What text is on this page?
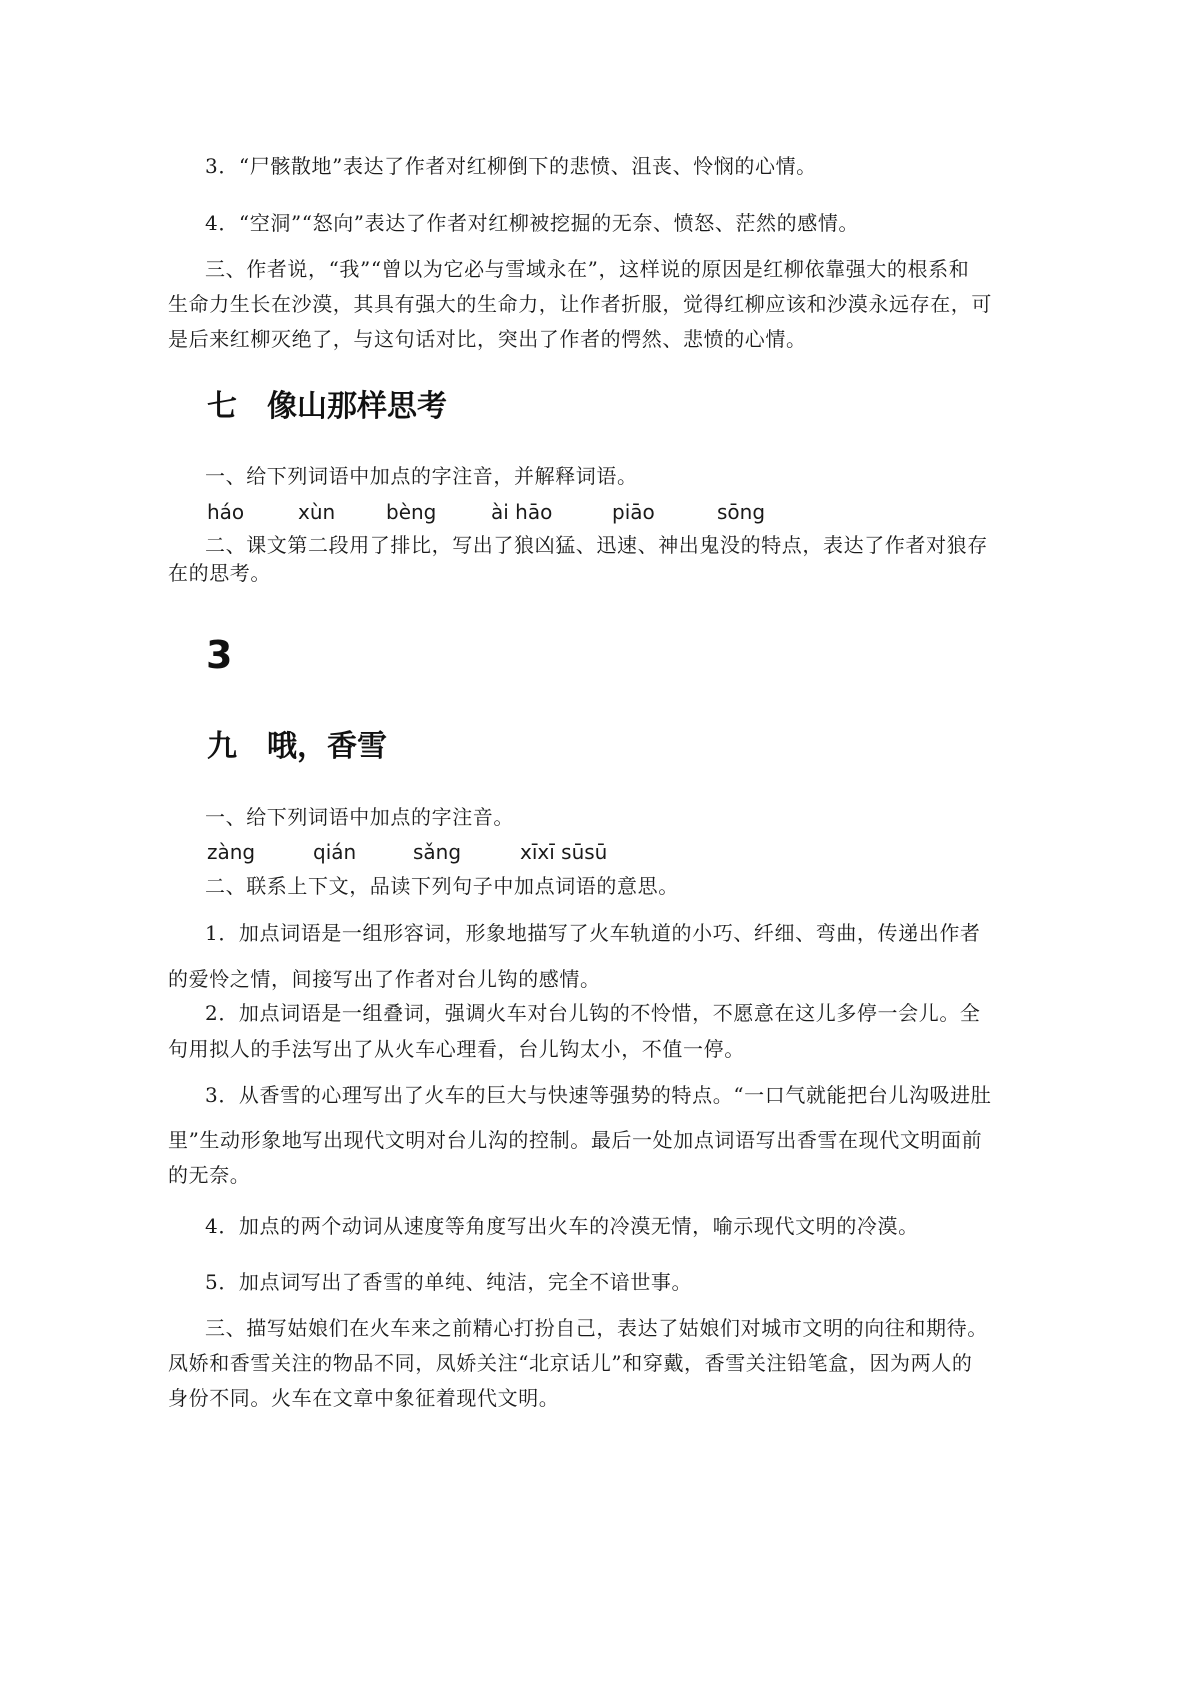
3．“尸骸散地”表达了作者对红柳倒下的悲愤、沮丧、怜悯的心情。
4．“空洞”“怒向”表达了作者对红柳被挖掘的无奈、愤怒、茫然的感情。
三、作者说，“我”“曾以为它必与雪域永在”，这样说的原因是红柳依靠强大的根系和
生命力生长在沙漠，其具有强大的生命力，让作者折服，觉得红柳应该和沙漠永远存在，可
是后来红柳灭绝了，与这句话对比，突出了作者的愕然、悲愤的心情。
七　像山那样思考
一、给下列词语中加点的字注音，并解释词语。
háo	xùn	bèng	ài hāo	piāo	sōng
二、课文第二段用了排比，写出了狼凶猛、迅速、神出鬼没的特点，表达了作者对狼存
在的思考。
3
九　哦，香雪
一、给下列词语中加点的字注音。
zàng	qián	sǎng	xīxī sūsū
二、联系上下文，品读下列句子中加点词语的意思。
1．加点词语是一组形容词，形象地描写了火车轨道的小巧、纤细、弯曲，传递出作者
的爱怜之情，间接写出了作者对台儿钩的感情。
2．加点词语是一组叠词，强调火车对台儿钩的不怜惜，不愿意在这儿多停一会儿。全
句用拟人的手法写出了从火车心理看，台儿钩太小，不值一停。
3．从香雪的心理写出了火车的巨大与快速等强势的特点。“一口气就能把台儿沟吸进肚
里”生动形象地写出现代文明对台儿沟的控制。最后一处加点词语写出香雪在现代文明面前
的无奈。
4．加点的两个动词从速度等角度写出火车的冷漠无情，喻示现代文明的冷漠。
5．加点词写出了香雪的单纯、纯洁，完全不谙世事。
三、描写姑娘们在火车来之前精心打扮自己，表达了姑娘们对城市文明的向往和期待。
凤娇和香雪关注的物品不同，凤娇关注“北京话儿”和穿戴，香雪关注铅笔盒，因为两人的
身份不同。火车在文章中象征着现代文明。
